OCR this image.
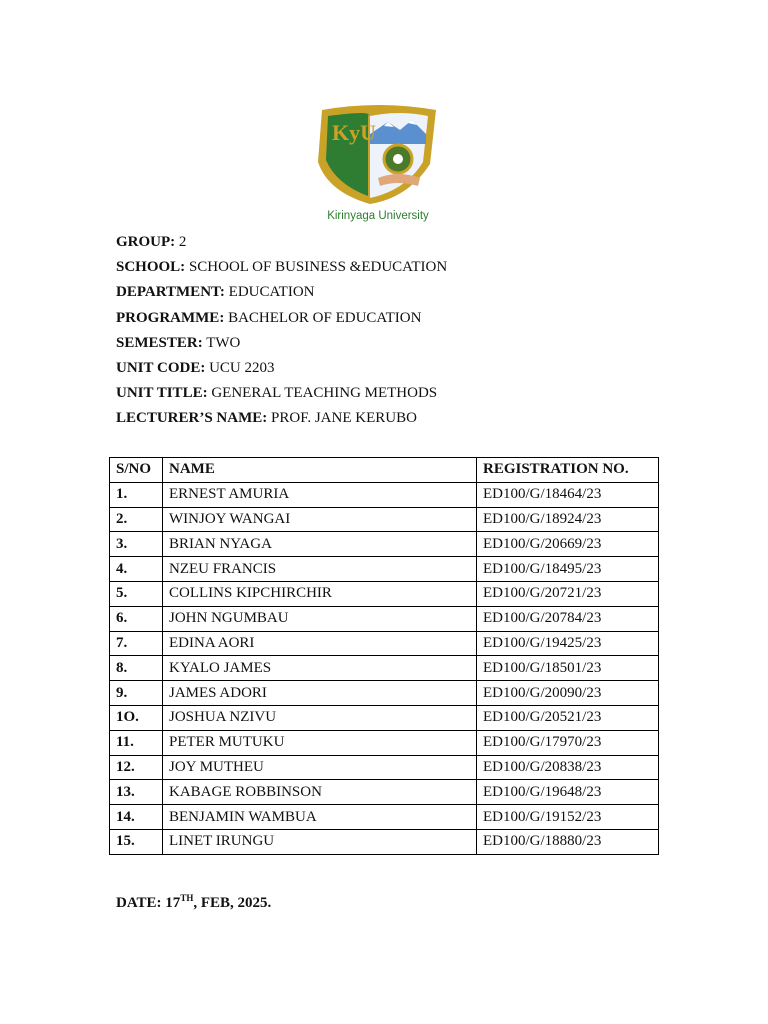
KyU
Kirinyaga University
GROUP: 2
SCHOOL: SCHOOL OF BUSINESS &EDUCATION
DEPARTMENT: EDUCATION
PROGRAMME: BACHELOR OF EDUCATION
SEMESTER: TWO
UNIT CODE: UCU 2203
UNIT TITLE: GENERAL TEACHING METHODS
LECTURER’S NAME: PROF. JANE KERUBO
S/NO	NAME	REGISTRATION NO.
1.	ERNEST AMURIA	ED100/G/18464/23
2.	WINJOY WANGAI	ED100/G/18924/23
3.	BRIAN NYAGA	ED100/G/20669/23
4.	NZEU FRANCIS	ED100/G/18495/23
5.	COLLINS KIPCHIRCHIR	ED100/G/20721/23
6.	JOHN NGUMBAU	ED100/G/20784/23
7.	EDINA AORI	ED100/G/19425/23
8.	KYALO JAMES	ED100/G/18501/23
9.	JAMES ADORI	ED100/G/20090/23
1O.	JOSHUA NZIVU	ED100/G/20521/23
11.	PETER MUTUKU	ED100/G/17970/23
12.	JOY MUTHEU	ED100/G/20838/23
13.	KABAGE ROBBINSON	ED100/G/19648/23
14.	BENJAMIN WAMBUA	ED100/G/19152/23
15.	LINET IRUNGU	ED100/G/18880/23
DATE: 17TH, FEB, 2025.
